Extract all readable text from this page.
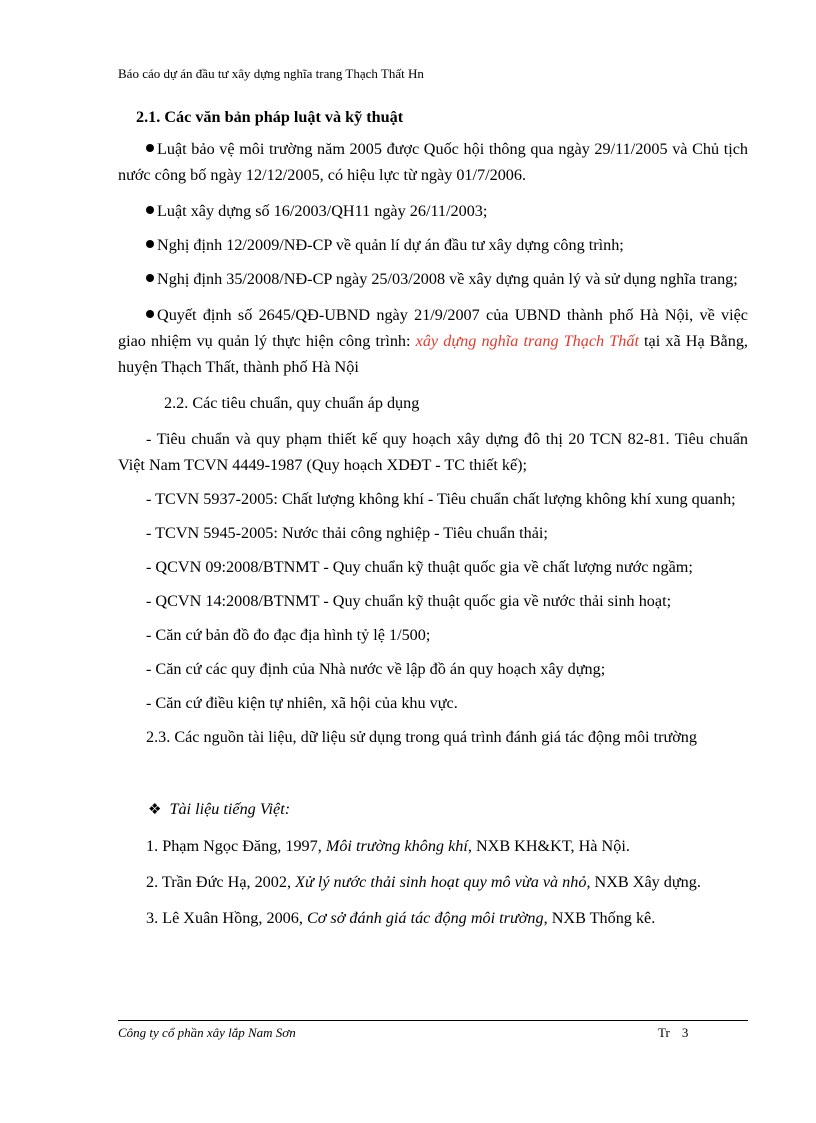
Báo cáo dự án đầu tư xây dựng nghĩa trang Thạch Thất Hn

2.1. Các văn bản pháp luật và kỹ thuật

Luật bảo vệ môi trường năm 2005 được Quốc hội thông qua ngày 29/11/2005 và Chủ tịch nước công bố ngày 12/12/2005, có hiệu lực từ ngày 01/7/2006.

Luật xây dựng số 16/2003/QH11 ngày 26/11/2003;

Nghị định 12/2009/NĐ-CP về quản lí dự án đầu tư xây dựng công trình;

Nghị định 35/2008/NĐ-CP ngày 25/03/2008 về xây dựng quản lý và sử dụng nghĩa trang;

Quyết định số 2645/QĐ-UBND ngày 21/9/2007 của UBND thành phố Hà Nội, về việc giao nhiệm vụ quản lý thực hiện công trình: xây dựng nghĩa trang Thạch Thất tại xã Hạ Bằng, huyện Thạch Thất, thành phố Hà Nội

2.2. Các tiêu chuẩn, quy chuẩn áp dụng

- Tiêu chuẩn và quy phạm thiết kế quy hoạch xây dựng đô thị 20 TCN 82-81. Tiêu chuẩn Việt Nam TCVN 4449-1987 (Quy hoạch XDĐT - TC thiết kế);

- TCVN 5937-2005: Chất lượng không khí - Tiêu chuẩn chất lượng không khí xung quanh;

- TCVN 5945-2005: Nước thải công nghiệp - Tiêu chuẩn thải;

- QCVN 09:2008/BTNMT - Quy chuẩn kỹ thuật quốc gia về chất lượng nước ngầm;

- QCVN 14:2008/BTNMT - Quy chuẩn kỹ thuật quốc gia về nước thải sinh hoạt;

- Căn cứ bản đồ đo đạc địa hình tỷ lệ 1/500;

- Căn cứ các quy định của Nhà nước về lập đồ án quy hoạch xây dựng;

- Căn cứ điều kiện tự nhiên, xã hội của khu vực.

2.3. Các nguồn tài liệu, dữ liệu sử dụng trong quá trình đánh giá tác động môi trường

❖ Tài liệu tiếng Việt:

1. Phạm Ngọc Đăng, 1997, Môi trường không khí, NXB KH&KT, Hà Nội.

2. Trần Đức Hạ, 2002, Xử lý nước thải sinh hoạt quy mô vừa và nhỏ, NXB Xây dựng.

3. Lê Xuân Hồng, 2006, Cơ sở đánh giá tác động môi trường, NXB Thống kê.

Công ty cổ phần xây lắp Nam Sơn	Tr 3
